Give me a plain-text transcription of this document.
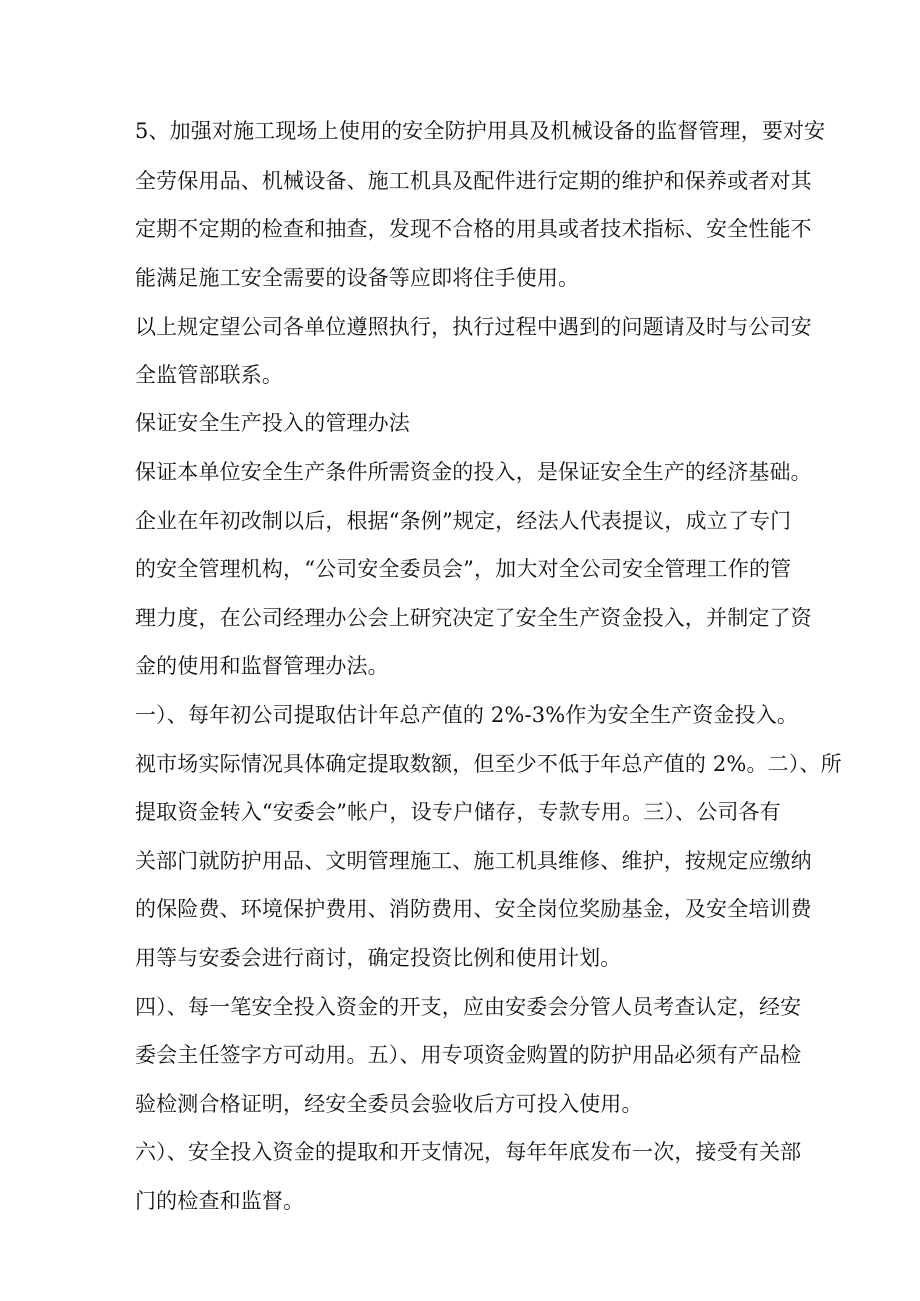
5、加强对施工现场上使用的安全防护用具及机械设备的监督管理，要对安
全劳保用品、机械设备、施工机具及配件进行定期的维护和保养或者对其
定期不定期的检查和抽查，发现不合格的用具或者技术指标、安全性能不
能满足施工安全需要的设备等应即将住手使用。
以上规定望公司各单位遵照执行，执行过程中遇到的问题请及时与公司安
全监管部联系。
保证安全生产投入的管理办法
保证本单位安全生产条件所需资金的投入，是保证安全生产的经济基础。
企业在年初改制以后，根据“条例”规定，经法人代表提议，成立了专门
的安全管理机构，“公司安全委员会”，加大对全公司安全管理工作的管
理力度，在公司经理办公会上研究决定了安全生产资金投入，并制定了资
金的使用和监督管理办法。
一）、每年初公司提取估计年总产值的 2%-3%作为安全生产资金投入。
视市场实际情况具体确定提取数额，但至少不低于年总产值的 2%。二）、所
提取资金转入“安委会”帐户，设专户储存，专款专用。三）、公司各有
关部门就防护用品、文明管理施工、施工机具维修、维护，按规定应缴纳
的保险费、环境保护费用、消防费用、安全岗位奖励基金，及安全培训费
用等与安委会进行商讨，确定投资比例和使用计划。
四）、每一笔安全投入资金的开支，应由安委会分管人员考查认定，经安
委会主任签字方可动用。五）、用专项资金购置的防护用品必须有产品检
验检测合格证明，经安全委员会验收后方可投入使用。
六）、安全投入资金的提取和开支情况，每年年底发布一次，接受有关部
门的检查和监督。
